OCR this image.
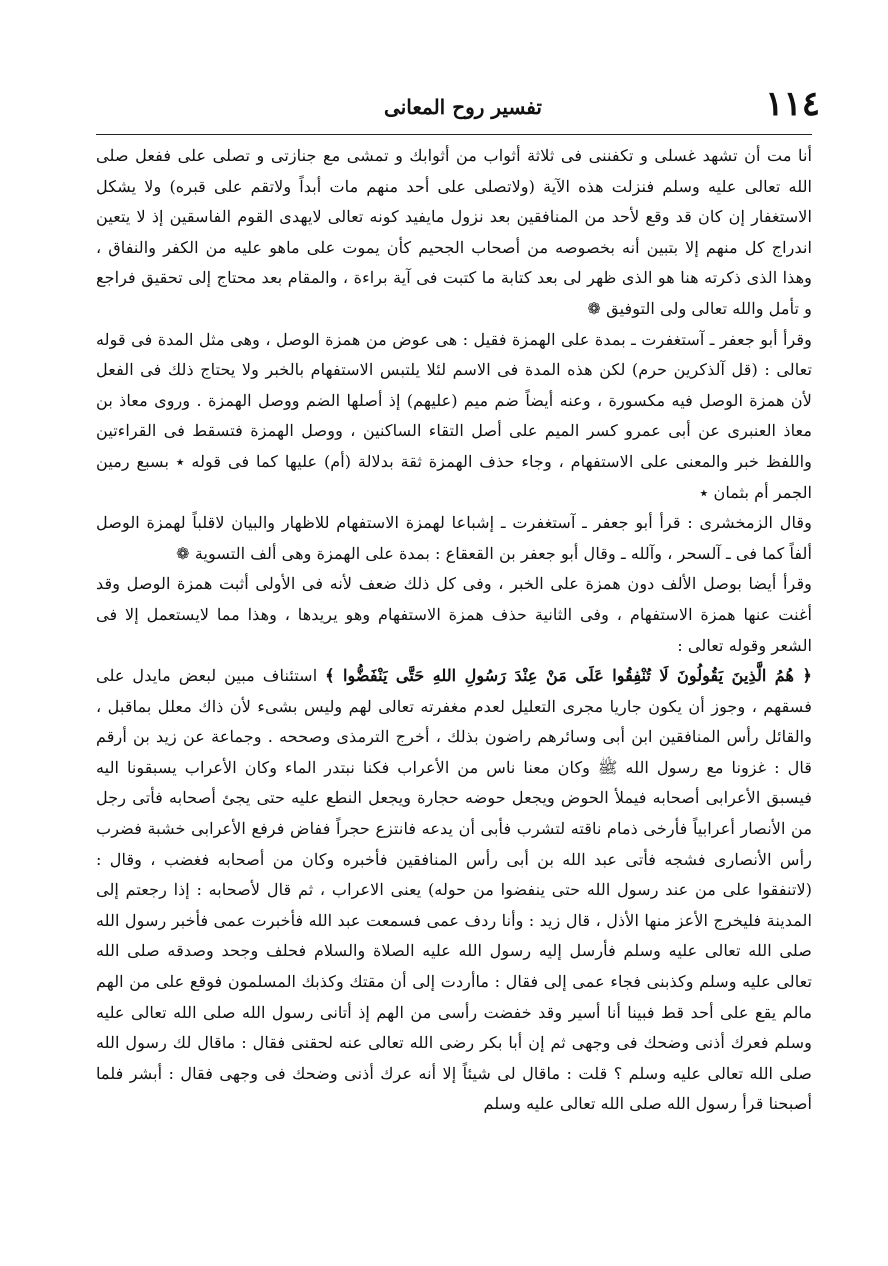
١١٤
تفسير روح المعانى

أنا مت أن تشهد غسلى و تكفننى فى ثلاثة أثواب من أثوابك و تمشى مع جنازتى و تصلى على ففعل صلى الله تعالى عليه وسلم فنزلت هذه الآية (ولاتصلى على أحد منهم مات أبداً ولاتقم على قبره) ولا يشكل الاستغفار إن كان قد وقع لأحد من المنافقين بعد نزول مايفيد كونه تعالى لايهدى القوم الفاسقين إذ لا يتعين اندراج كل منهم إلا بتبين أنه بخصوصه من أصحاب الجحيم كأن يموت على ماهو عليه من الكفر والنفاق ، وهذا الذى ذكرته هنا هو الذى ظهر لى بعد كتابة ما كتبت فى آية براءة ، والمقام بعد محتاج إلى تحقيق فراجع و تأمل والله تعالى ولى التوفيق ❁

وقرأ أبو جعفر ـ آستغفرت ـ بمدة على الهمزة فقيل : هى عوض من همزة الوصل ، وهى مثل المدة فى قوله تعالى : (قل آلذكرين حرم) لكن هذه المدة فى الاسم لئلا يلتبس الاستفهام بالخبر ولا يحتاج ذلك فى الفعل لأن همزة الوصل فيه مكسورة ، وعنه أيضاً ضم ميم (عليهم) إذ أصلها الضم ووصل الهمزة . وروى معاذ بن معاذ العنبرى عن أبى عمرو كسر الميم على أصل التقاء الساكنين ، ووصل الهمزة فتسقط فى القراءتين واللفظ خبر والمعنى على الاستفهام ، وجاء حذف الهمزة ثقة بدلالة (أم) عليها كما فى قوله ٭ بسبع رمين الجمر أم بثمان ٭

وقال الزمخشرى : قرأ أبو جعفر ـ آستغفرت ـ إشباعا لهمزة الاستفهام للاظهار والبيان لاقلباً لهمزة الوصل ألفاً كما فى ـ آلسحر ، وآلله ـ وقال أبو جعفر بن القعقاع : بمدة على الهمزة وهى ألف التسوية ❁

وقرأ أيضا بوصل الألف دون همزة على الخبر ، وفى كل ذلك ضعف لأنه فى الأولى أثبت همزة الوصل وقد أغنت عنها همزة الاستفهام ، وفى الثانية حذف همزة الاستفهام وهو يريدها ، وهذا مما لايستعمل إلا فى الشعر وقوله تعالى :

﴿ هُمُ الَّذِينَ يَقُولُونَ لَا تُنْفِقُوا عَلَى مَنْ عِنْدَ رَسُولِ اللهِ حَتَّى يَنْفَضُّوا ﴾ استئناف مبين لبعض مايدل على فسقهم ، وجوز أن يكون جاريا مجرى التعليل لعدم مغفرته تعالى لهم وليس بشىء لأن ذاك معلل بماقبل ، والقائل رأس المنافقين ابن أبى وسائرهم راضون بذلك ، أخرج الترمذى وصححه . وجماعة عن زيد بن أرقم قال : غزونا مع رسول الله ﷺ وكان معنا ناس من الأعراب فكنا نبتدر الماء وكان الأعراب يسبقونا اليه فيسبق الأعرابى أصحابه فيملأ الحوض ويجعل حوضه حجارة ويجعل النطع عليه حتى يجئ أصحابه فأتى رجل من الأنصار أعرابياً فأرخى ذمام ناقته لتشرب فأبى أن يدعه فانتزع حجراً ففاض فرفع الأعرابى خشبة فضرب رأس الأنصارى فشجه فأتى عبد الله بن أبى رأس المنافقين فأخبره وكان من أصحابه فغضب ، وقال : (لاتنفقوا على من عند رسول الله حتى ينفضوا من حوله) يعنى الاعراب ، ثم قال لأصحابه : إذا رجعتم إلى المدينة فليخرج الأعز منها الأذل ، قال زيد : وأنا ردف عمى فسمعت عبد الله فأخبرت عمى فأخبر رسول الله صلى الله تعالى عليه وسلم فأرسل إليه رسول الله عليه الصلاة والسلام فحلف وجحد وصدقه صلى الله تعالى عليه وسلم وكذبنى فجاء عمى إلى فقال : ماأردت إلى أن مقتك وكذبك المسلمون فوقع على من الهم مالم يقع على أحد قط فبينا أنا أسير وقد خفضت رأسى من الهم إذ أتانى رسول الله صلى الله تعالى عليه وسلم فعرك أذنى وضحك فى وجهى ثم إن أبا بكر رضى الله تعالى عنه لحقنى فقال : ماقال لك رسول الله صلى الله تعالى عليه وسلم ؟ قلت : ماقال لى شيئاً إلا أنه عرك أذنى وضحك فى وجهى فقال : أبشر فلما أصبحنا قرأ رسول الله صلى الله تعالى عليه وسلم
